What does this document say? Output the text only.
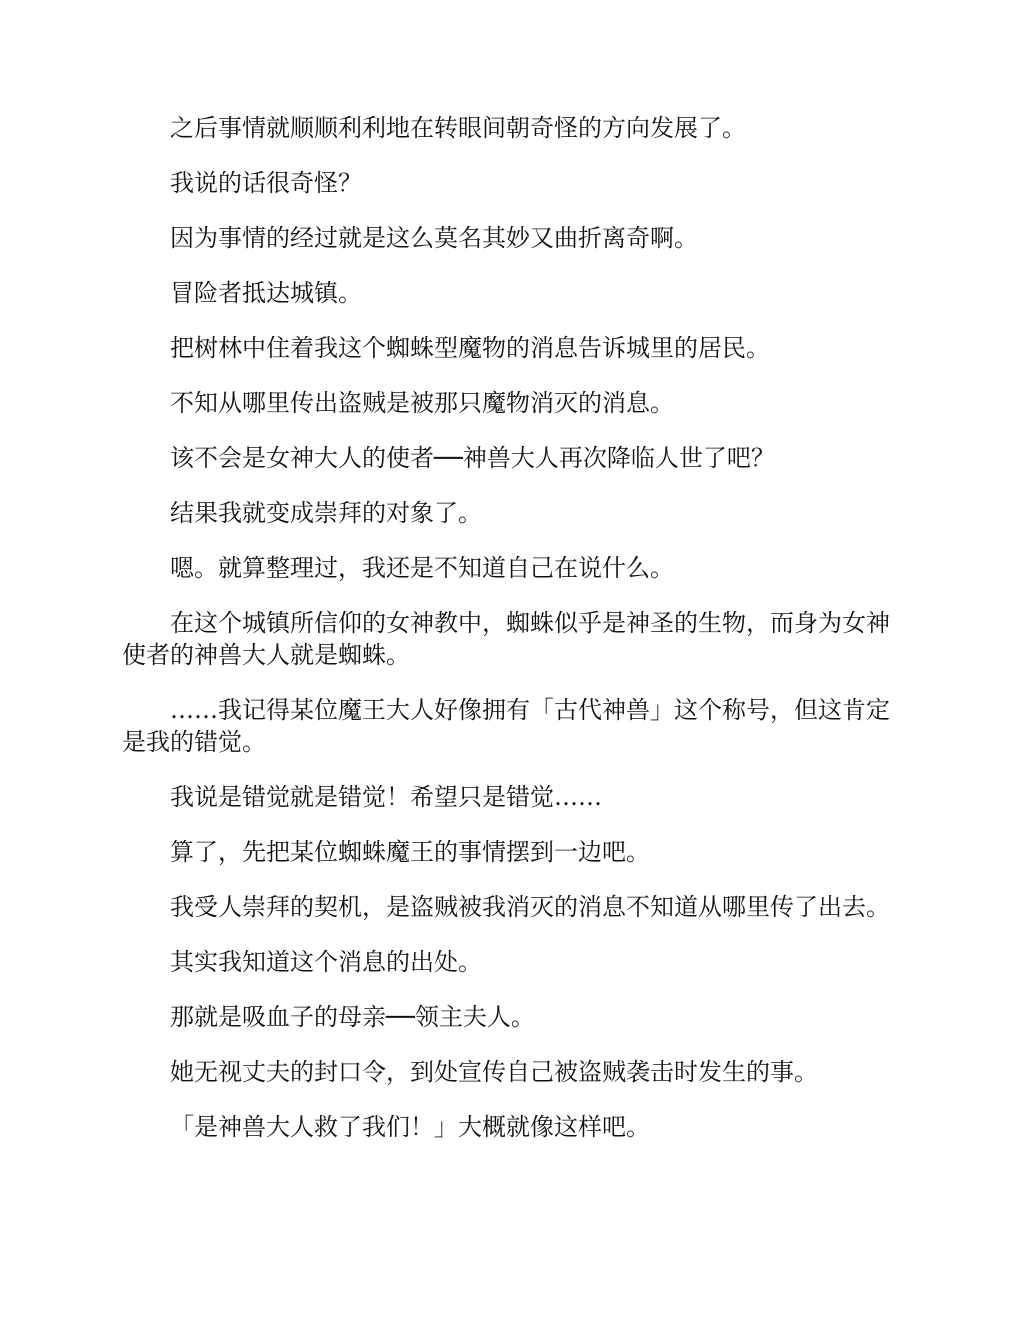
之后事情就顺顺利利地在转眼间朝奇怪的方向发展了。

我说的话很奇怪？

因为事情的经过就是这么莫名其妙又曲折离奇啊。

冒险者抵达城镇。

把树林中住着我这个蜘蛛型魔物的消息告诉城里的居民。

不知从哪里传出盗贼是被那只魔物消灭的消息。

该不会是女神大人的使者──神兽大人再次降临人世了吧？

结果我就变成崇拜的对象了。

嗯。就算整理过，我还是不知道自己在说什么。

在这个城镇所信仰的女神教中，蜘蛛似乎是神圣的生物，而身为女神使者的神兽大人就是蜘蛛。

……我记得某位魔王大人好像拥有「古代神兽」这个称号，但这肯定是我的错觉。

我说是错觉就是错觉！希望只是错觉……

算了，先把某位蜘蛛魔王的事情摆到一边吧。

我受人崇拜的契机，是盗贼被我消灭的消息不知道从哪里传了出去。

其实我知道这个消息的出处。

那就是吸血子的母亲──领主夫人。

她无视丈夫的封口令，到处宣传自己被盗贼袭击时发生的事。

「是神兽大人救了我们！」大概就像这样吧。
